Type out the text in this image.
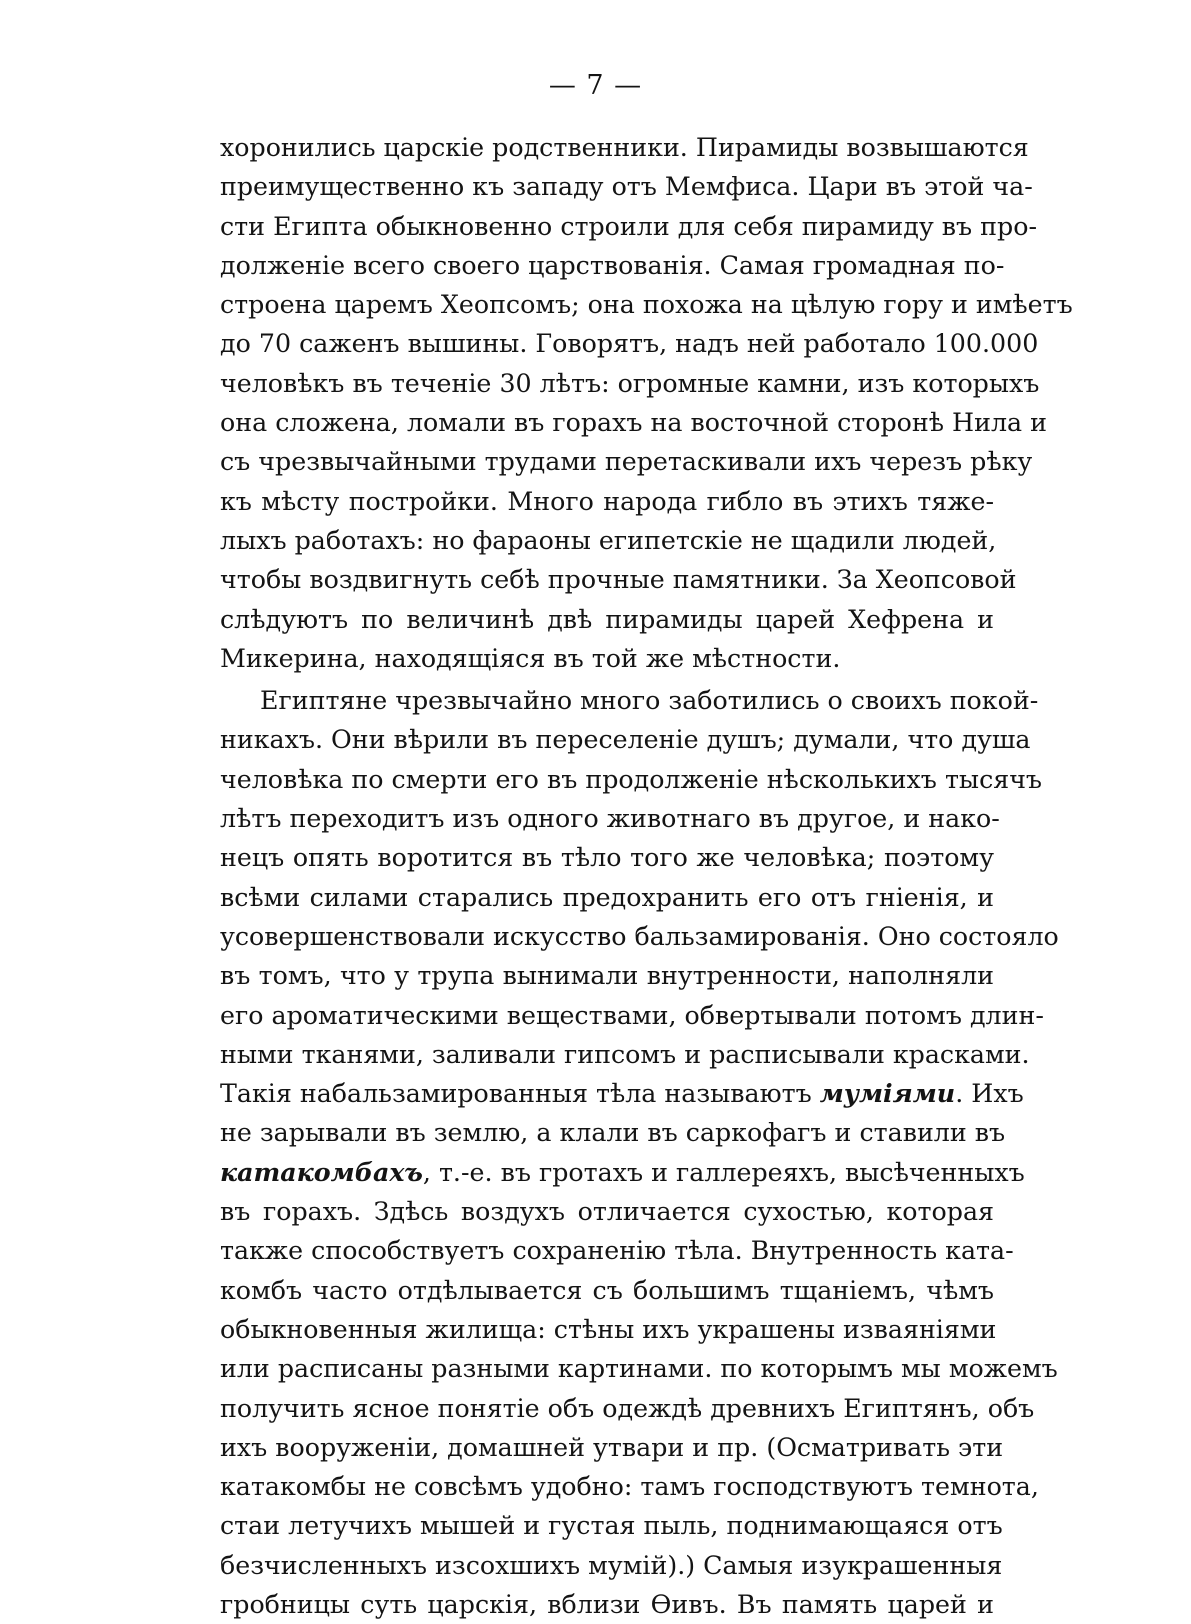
— 7 —
хоронились царскіе родственники. Пирамиды возвышаются
преимущественно къ западу отъ Мемфиса. Цари въ этой ча-
сти Египта обыкновенно строили для себя пирамиду въ про-
долженіе всего своего царствованія. Самая громадная по-
строена царемъ Хеопсомъ; она похожа на цѣлую гору и имѣетъ
до 70 саженъ вышины. Говорятъ, надъ ней работало 100.000
человѣкъ въ теченіе 30 лѣтъ: огромные камни, изъ которыхъ
она сложена, ломали въ горахъ на восточной сторонѣ Нила и
съ чрезвычайными трудами перетаскивали ихъ черезъ рѣку
къ мѣсту постройки. Много народа гибло въ этихъ тяже-
лыхъ работахъ: но фараоны египетскіе не щадили людей,
чтобы воздвигнуть себѣ прочные памятники. За Хеопсовой
слѣдуютъ по величинѣ двѣ пирамиды царей Хефрена и
Микерина, находящіяся въ той же мѣстности.
Египтяне чрезвычайно много заботились о своихъ покой-
никахъ. Они вѣрили въ переселеніе душъ; думали, что душа
человѣка по смерти его въ продолженіе нѣсколькихъ тысячъ
лѣтъ переходитъ изъ одного животнаго въ другое, и нако-
нецъ опять воротится въ тѣло того же человѣка; поэтому
всѣми силами старались предохранить его отъ гніенія, и
усовершенствовали искусство бальзамированія. Оно состояло
въ томъ, что у трупа вынимали внутренности, наполняли
его ароматическими веществами, обвертывали потомъ длин-
ными тканями, заливали гипсомъ и расписывали красками.
Такія набальзамированныя тѣла называютъ мумiями. Ихъ
не зарывали въ землю, а клали въ саркофагъ и ставили въ
катакомбахъ, т.-е. въ гротахъ и галлереяхъ, высѣченныхъ
въ горахъ. Здѣсь воздухъ отличается сухостью, которая
также способствуетъ сохраненію тѣла. Внутренность ката-
комбъ часто отдѣлывается съ большимъ тщаніемъ, чѣмъ
обыкновенныя жилища: стѣны ихъ украшены изваяніями
или расписаны разными картинами. по которымъ мы можемъ
получить ясное понятіе объ одеждѣ древнихъ Египтянъ, объ
ихъ вооруженіи, домашней утвари и пр. (Осматривать эти
катакомбы не совсѣмъ удобно: тамъ господствуютъ темнота,
стаи летучихъ мышей и густая пыль, поднимающаяся отъ
безчисленныхъ изсохшихъ мумій).) Самыя изукрашенныя
гробницы суть царскія, вблизи Ѳивъ. Въ память царей и
